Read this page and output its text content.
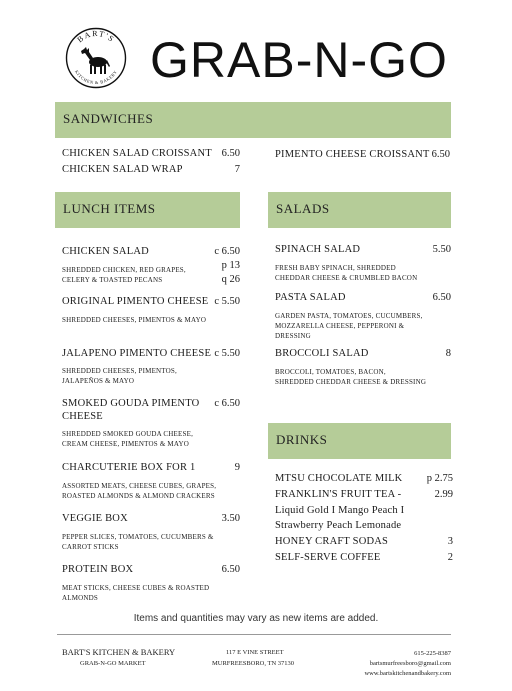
BART'S
KITCHEN & BAKERY GRAB-N-GO
SANDWICHES
CHICKEN SALAD CROISSANT 6.50
CHICKEN SALAD WRAP	7
PIMENTO CHEESE CROISSANT 6.50
LUNCH ITEMS
CHICKEN SALAD	c 6.50
p 13
q 26
SHREDDED CHICKEN, RED GRAPES,
CELERY & TOASTED PECANS
ORIGINAL PIMENTO CHEESE c 5.50
SHREDDED CHEESES, PIMENTOS & MAYO
JALAPENO PIMENTO CHEESE c 5.50
SHREDDED CHEESES, PIMENTOS,
JALAPEÑOS & MAYO
SMOKED GOUDA PIMENTO
CHEESE
c 6.50
SHREDDED SMOKED GOUDA CHEESE,
CREAM CHEESE, PIMENTOS & MAYO
CHARCUTERIE BOX FOR 1	9
ASSORTED MEATS, CHEESE CUBES, GRAPES,
ROASTED ALMONDS & ALMOND CRACKERS
VEGGIE BOX	3.50
PEPPER SLICES, TOMATOES, CUCUMBERS &
CARROT STICKS
PROTEIN BOX	6.50
MEAT STICKS, CHEESE CUBES & ROASTED
ALMONDS
SALADS
SPINACH SALAD	5.50
FRESH BABY SPINACH, SHREDDED
CHEDDAR CHEESE & CRUMBLED BACON
PASTA SALAD	6.50
GARDEN PASTA, TOMATOES, CUCUMBERS,
MOZZARELLA CHEESE, PEPPERONI &
DRESSING
BROCCOLI SALAD	8
BROCCOLI, TOMATOES, BACON,
SHREDDED CHEDDAR CHEESE & DRESSING
DRINKS
MTSU CHOCOLATE MILK	p 2.75
FRANKLIN'S FRUIT TEA -	2.99
Liquid Gold I Mango Peach I
Strawberry Peach Lemonade
HONEY CRAFT SODAS	3
SELF-SERVE COFFEE	2
Items and quantities may vary as new items are added.
BART'S KITCHEN & BAKERY
GRAB-N-GO MARKET
117 E VINE STREET
MURFREESBORO, TN 37130
615-225-8387
bartsmurfreesboro@gmail.com
www.bartskitchenandbakery.com
